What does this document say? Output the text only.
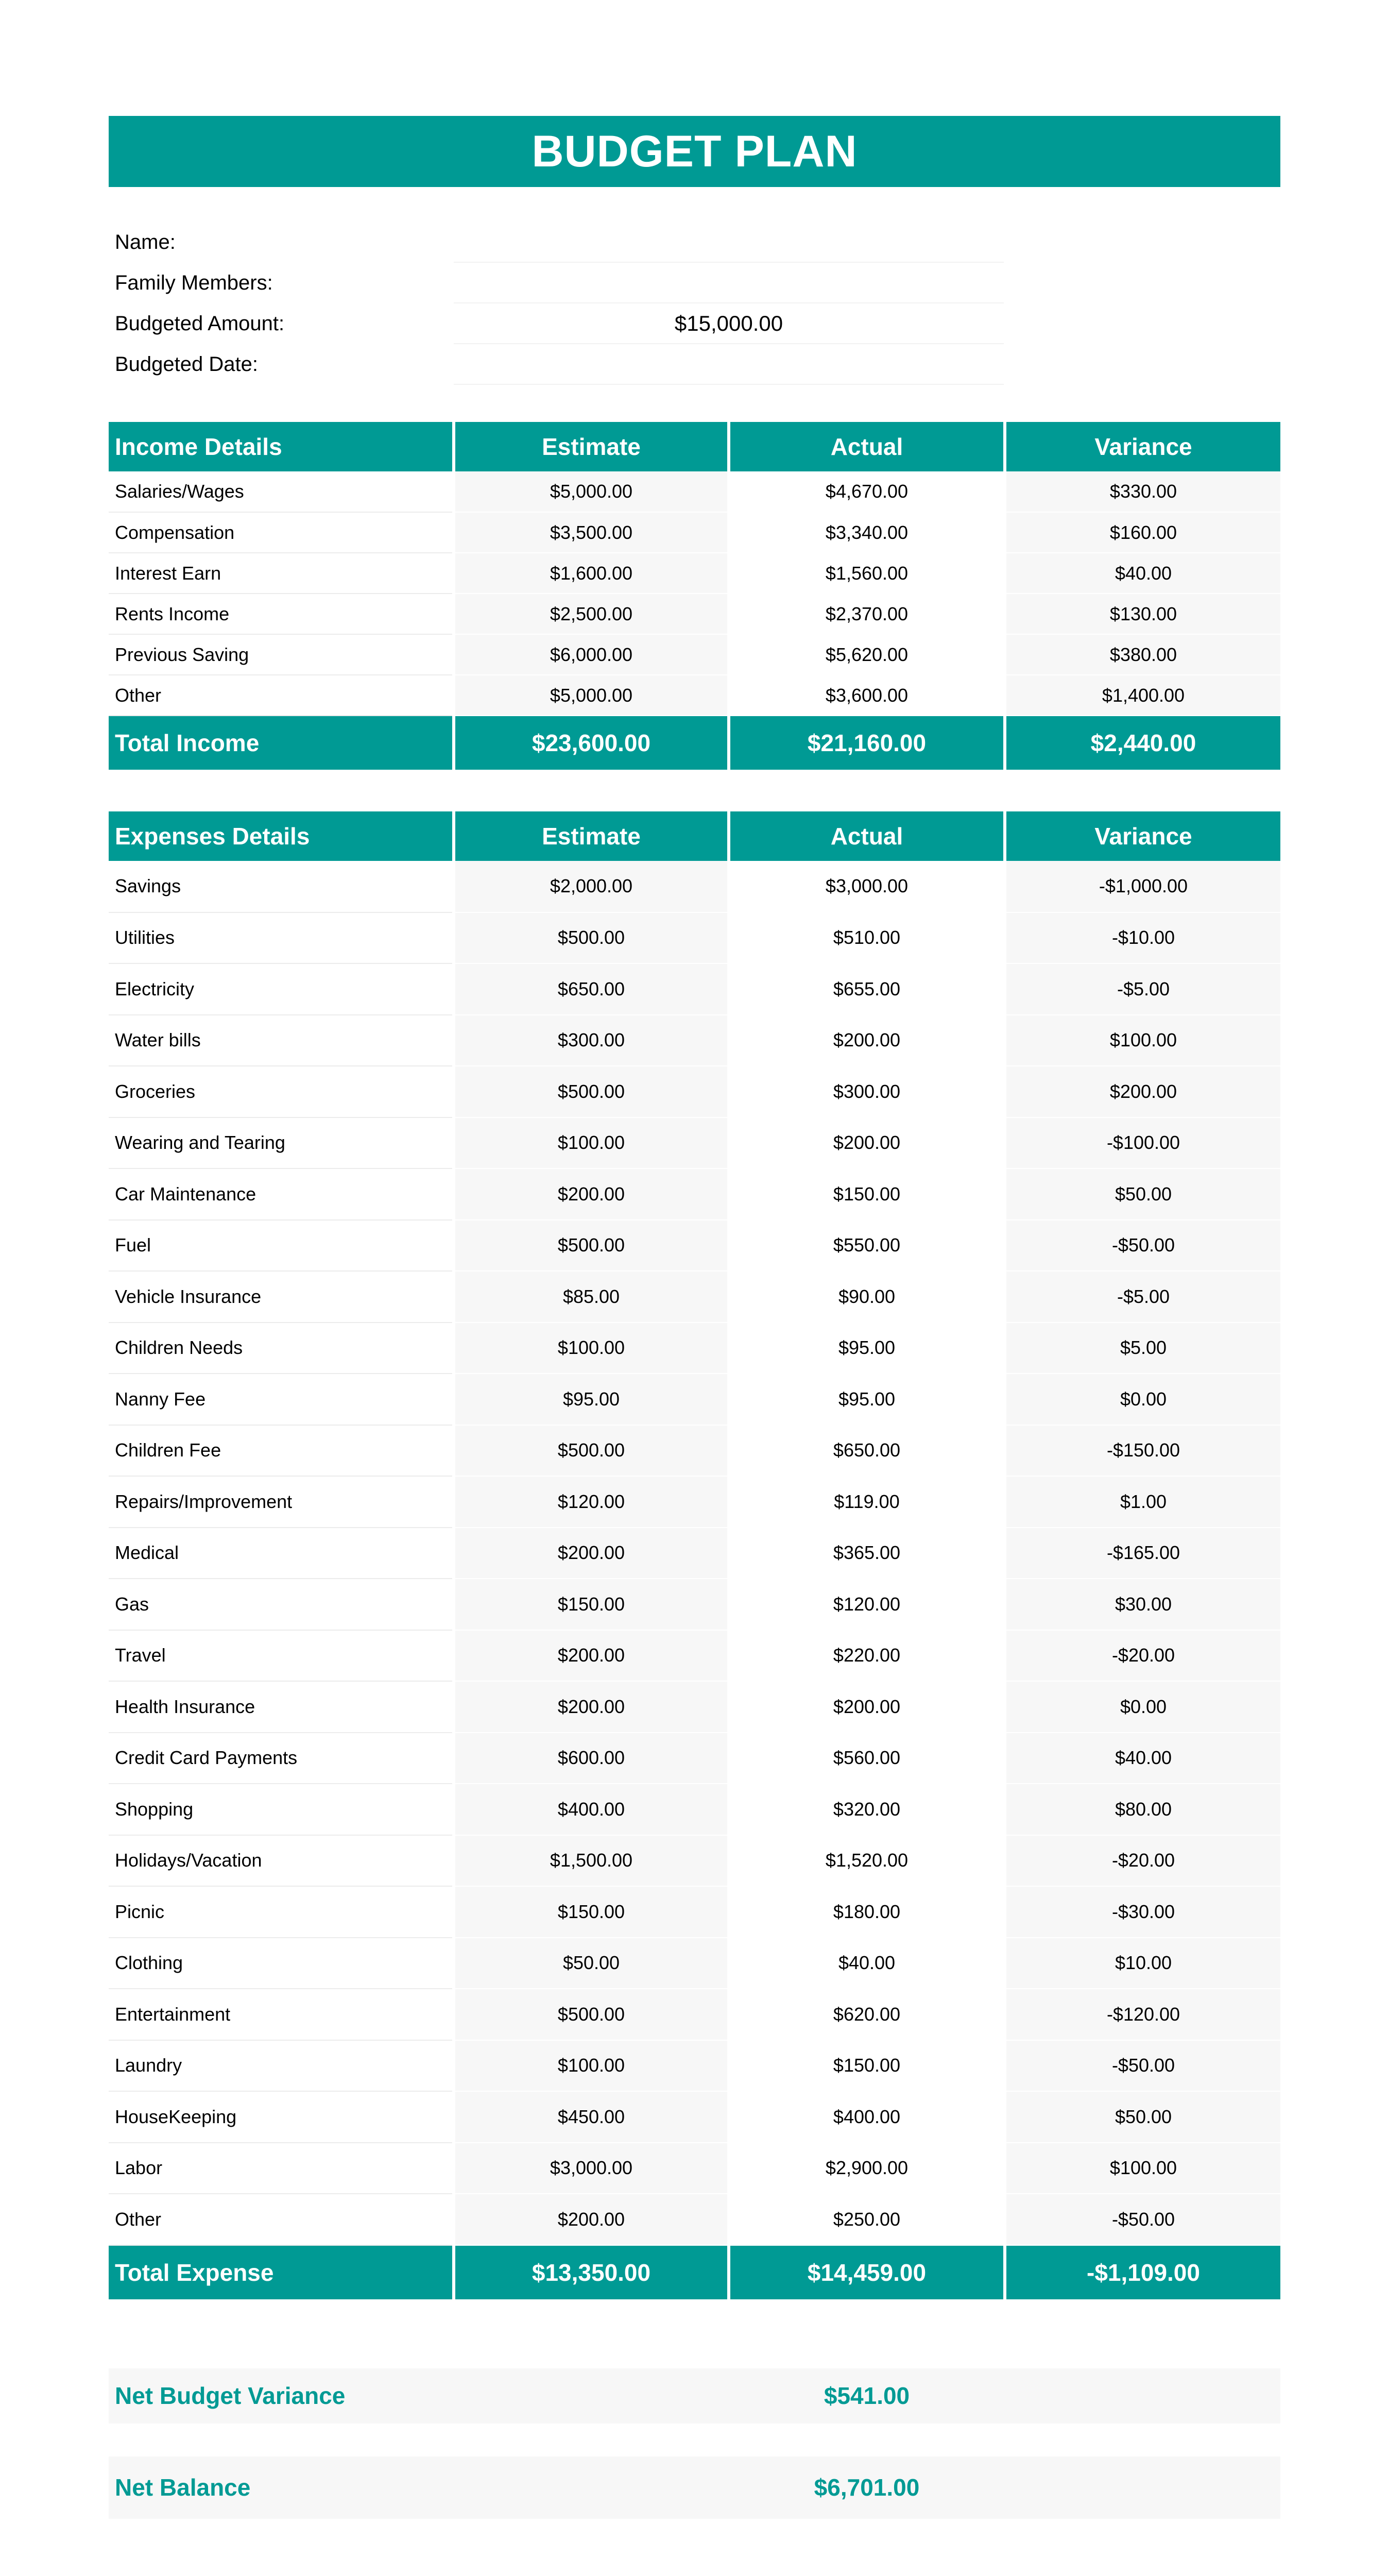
BUDGET PLAN
Name:
Family Members:
Budgeted Amount:	$15,000.00
Budgeted Date:
Income Details	Estimate	Actual	Variance
Salaries/Wages	$5,000.00	$4,670.00	$330.00
Compensation	$3,500.00	$3,340.00	$160.00
Interest Earn	$1,600.00	$1,560.00	$40.00
Rents Income	$2,500.00	$2,370.00	$130.00
Previous Saving	$6,000.00	$5,620.00	$380.00
Other	$5,000.00	$3,600.00	$1,400.00
Total Income	$23,600.00	$21,160.00	$2,440.00
Expenses Details	Estimate	Actual	Variance
Savings	$2,000.00	$3,000.00	-$1,000.00
Utilities	$500.00	$510.00	-$10.00
Electricity	$650.00	$655.00	-$5.00
Water bills	$300.00	$200.00	$100.00
Groceries	$500.00	$300.00	$200.00
Wearing and Tearing	$100.00	$200.00	-$100.00
Car Maintenance	$200.00	$150.00	$50.00
Fuel	$500.00	$550.00	-$50.00
Vehicle Insurance	$85.00	$90.00	-$5.00
Children Needs	$100.00	$95.00	$5.00
Nanny Fee	$95.00	$95.00	$0.00
Children Fee	$500.00	$650.00	-$150.00
Repairs/Improvement	$120.00	$119.00	$1.00
Medical	$200.00	$365.00	-$165.00
Gas	$150.00	$120.00	$30.00
Travel	$200.00	$220.00	-$20.00
Health Insurance	$200.00	$200.00	$0.00
Credit Card Payments	$600.00	$560.00	$40.00
Shopping	$400.00	$320.00	$80.00
Holidays/Vacation	$1,500.00	$1,520.00	-$20.00
Picnic	$150.00	$180.00	-$30.00
Clothing	$50.00	$40.00	$10.00
Entertainment	$500.00	$620.00	-$120.00
Laundry	$100.00	$150.00	-$50.00
HouseKeeping	$450.00	$400.00	$50.00
Labor	$3,000.00	$2,900.00	$100.00
Other	$200.00	$250.00	-$50.00
Total Expense	$13,350.00	$14,459.00	-$1,109.00
Net Budget Variance	$541.00
Net Balance	$6,701.00
